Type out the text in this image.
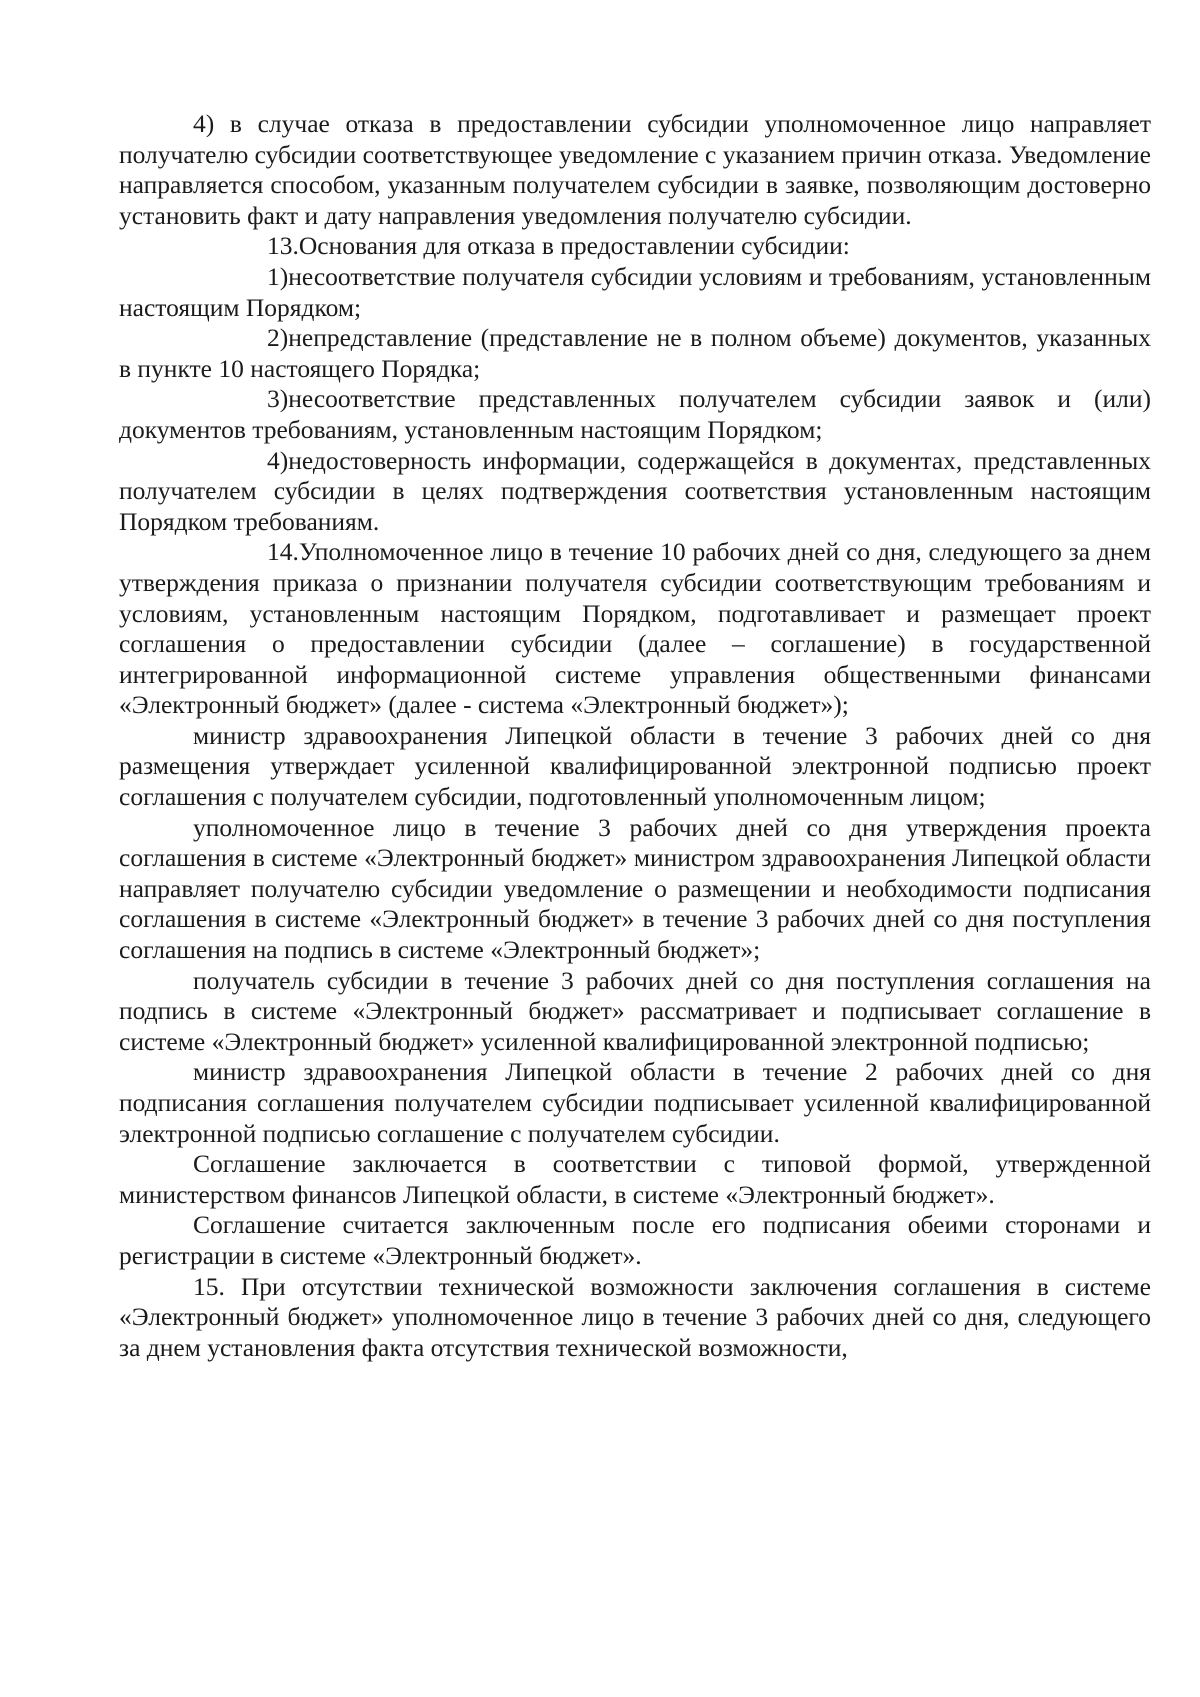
4) в случае отказа в предоставлении субсидии уполномоченное лицо направляет получателю субсидии соответствующее уведомление с указанием причин отказа. Уведомление направляется способом, указанным получателем субсидии в заявке, позволяющим достоверно установить факт и дату направления уведомления получателю субсидии.

13.Основания для отказа в предоставлении субсидии:

1)несоответствие получателя субсидии условиям и требованиям, установленным настоящим Порядком;

2)непредставление (представление не в полном объеме) документов, указанных в пункте 10 настоящего Порядка;

3)несоответствие представленных получателем субсидии заявок и (или) документов требованиям, установленным настоящим Порядком;

4)недостоверность информации, содержащейся в документах, представленных получателем субсидии в целях подтверждения соответствия установленным настоящим Порядком требованиям.

14.Уполномоченное лицо в течение 10 рабочих дней со дня, следующего за днем утверждения приказа о признании получателя субсидии соответствующим требованиям и условиям, установленным настоящим Порядком, подготавливает и размещает проект соглашения о предоставлении субсидии (далее – соглашение) в государственной интегрированной информационной системе управления общественными финансами «Электронный бюджет» (далее - система «Электронный бюджет»);

министр здравоохранения Липецкой области в течение 3 рабочих дней со дня размещения утверждает усиленной квалифицированной электронной подписью проект соглашения с получателем субсидии, подготовленный уполномоченным лицом;

уполномоченное лицо в течение 3 рабочих дней со дня утверждения проекта соглашения в системе «Электронный бюджет» министром здравоохранения Липецкой области направляет получателю субсидии уведомление о размещении и необходимости подписания соглашения в системе «Электронный бюджет» в течение 3 рабочих дней со дня поступления соглашения на подпись в системе «Электронный бюджет»;

получатель субсидии в течение 3 рабочих дней со дня поступления соглашения на подпись в системе «Электронный бюджет» рассматривает и подписывает соглашение в системе «Электронный бюджет» усиленной квалифицированной электронной подписью;

министр здравоохранения Липецкой области в течение 2 рабочих дней со дня подписания соглашения получателем субсидии подписывает усиленной квалифицированной электронной подписью соглашение с получателем субсидии.

Соглашение заключается в соответствии с типовой формой, утвержденной министерством финансов Липецкой области, в системе «Электронный бюджет».

Соглашение считается заключенным после его подписания обеими сторонами и регистрации в системе «Электронный бюджет».

15. При отсутствии технической возможности заключения соглашения в системе «Электронный бюджет» уполномоченное лицо в течение 3 рабочих дней со дня, следующего за днем установления факта отсутствия технической возможности,
